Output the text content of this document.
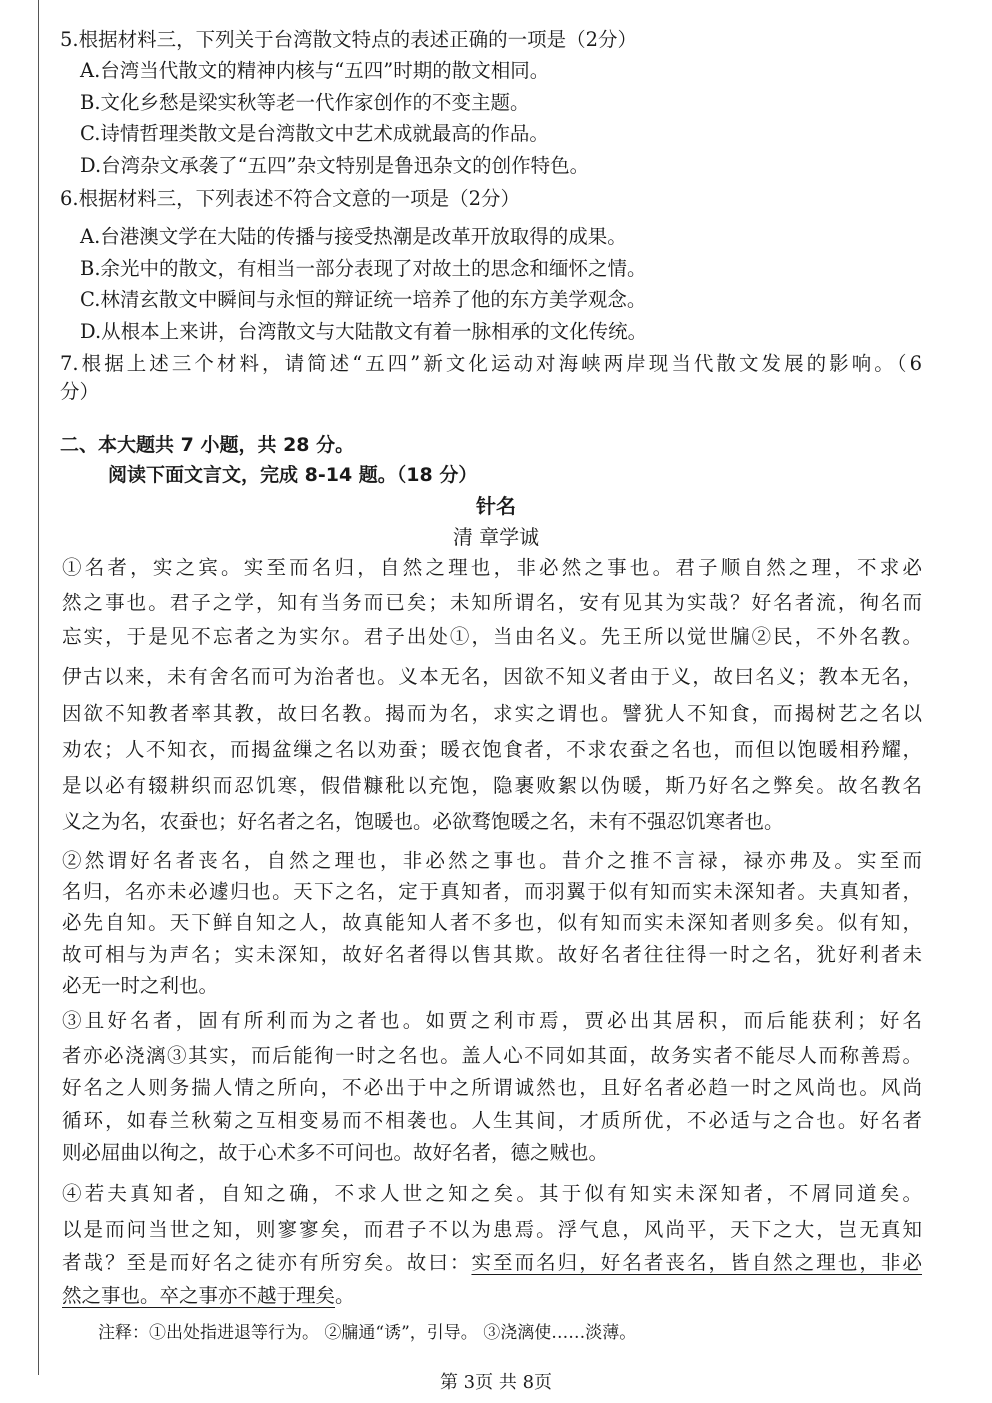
5.根据材料三，下列关于台湾散文特点的表述正确的一项是（2分）
A.台湾当代散文的精神内核与“五四”时期的散文相同。
B.文化乡愁是梁实秋等老一代作家创作的不变主题。
C.诗情哲理类散文是台湾散文中艺术成就最高的作品。
D.台湾杂文承袭了“五四”杂文特别是鲁迅杂文的创作特色。
6.根据材料三，下列表述不符合文意的一项是（2分）
A.台港澳文学在大陆的传播与接受热潮是改革开放取得的成果。
B.余光中的散文，有相当一部分表现了对故土的思念和缅怀之情。
C.林清玄散文中瞬间与永恒的辩证统一培养了他的东方美学观念。
D.从根本上来讲，台湾散文与大陆散文有着一脉相承的文化传统。
7.根据上述三个材料，请简述“五四”新文化运动对海峡两岸现当代散文发展的影响。（6
分）
二、本大题共 7 小题，共 28 分。
阅读下面文言文，完成 8-14 题。（18 分）
针名
清 章学诚
①名者，实之宾。实至而名归，自然之理也，非必然之事也。君子顺自然之理，不求必
然之事也。君子之学，知有当务而已矣；未知所谓名，安有见其为实哉？好名者流，徇名而
忘实，于是见不忘者之为实尔。君子出处①，当由名义。先王所以觉世牖②民，不外名教。
伊古以来，未有舍名而可为治者也。义本无名，因欲不知义者由于义，故曰名义；教本无名，
因欲不知教者率其教，故曰名教。揭而为名，求实之谓也。譬犹人不知食，而揭树艺之名以
劝农；人不知衣，而揭盆缫之名以劝蚕；暖衣饱食者，不求农蚕之名也，而但以饱暖相矜耀，
是以必有辍耕织而忍饥寒，假借糠秕以充饱，隐裹败絮以伪暖，斯乃好名之弊矣。故名教名
义之为名，农蚕也；好名者之名，饱暖也。必欲骛饱暖之名，未有不强忍饥寒者也。
②然谓好名者丧名，自然之理也，非必然之事也。昔介之推不言禄，禄亦弗及。实至而
名归，名亦未必遽归也。天下之名，定于真知者，而羽翼于似有知而实未深知者。夫真知者，
必先自知。天下鲜自知之人，故真能知人者不多也，似有知而实未深知者则多矣。似有知，
故可相与为声名；实未深知，故好名者得以售其欺。故好名者往往得一时之名，犹好利者未
必无一时之利也。
③且好名者，固有所利而为之者也。如贾之利市焉，贾必出其居积，而后能获利；好名
者亦必浇漓③其实，而后能徇一时之名也。盖人心不同如其面，故务实者不能尽人而称善焉。
好名之人则务揣人情之所向，不必出于中之所谓诚然也，且好名者必趋一时之风尚也。风尚
循环，如春兰秋菊之互相变易而不相袭也。人生其间，才质所优，不必适与之合也。好名者
则必屈曲以徇之，故于心术多不可问也。故好名者，德之贼也。
④若夫真知者，自知之确，不求人世之知之矣。其于似有知实未深知者，不屑同道矣。
以是而问当世之知，则寥寥矣，而君子不以为患焉。浮气息，风尚平，天下之大，岂无真知
者哉？至是而好名之徒亦有所穷矣。故曰：实至而名归，好名者丧名，皆自然之理也，非必
然之事也。卒之事亦不越于理矣。
注释：①出处指进退等行为。 ②牖通“诱”，引导。 ③浇漓使……淡薄。
第 3页 共 8页
